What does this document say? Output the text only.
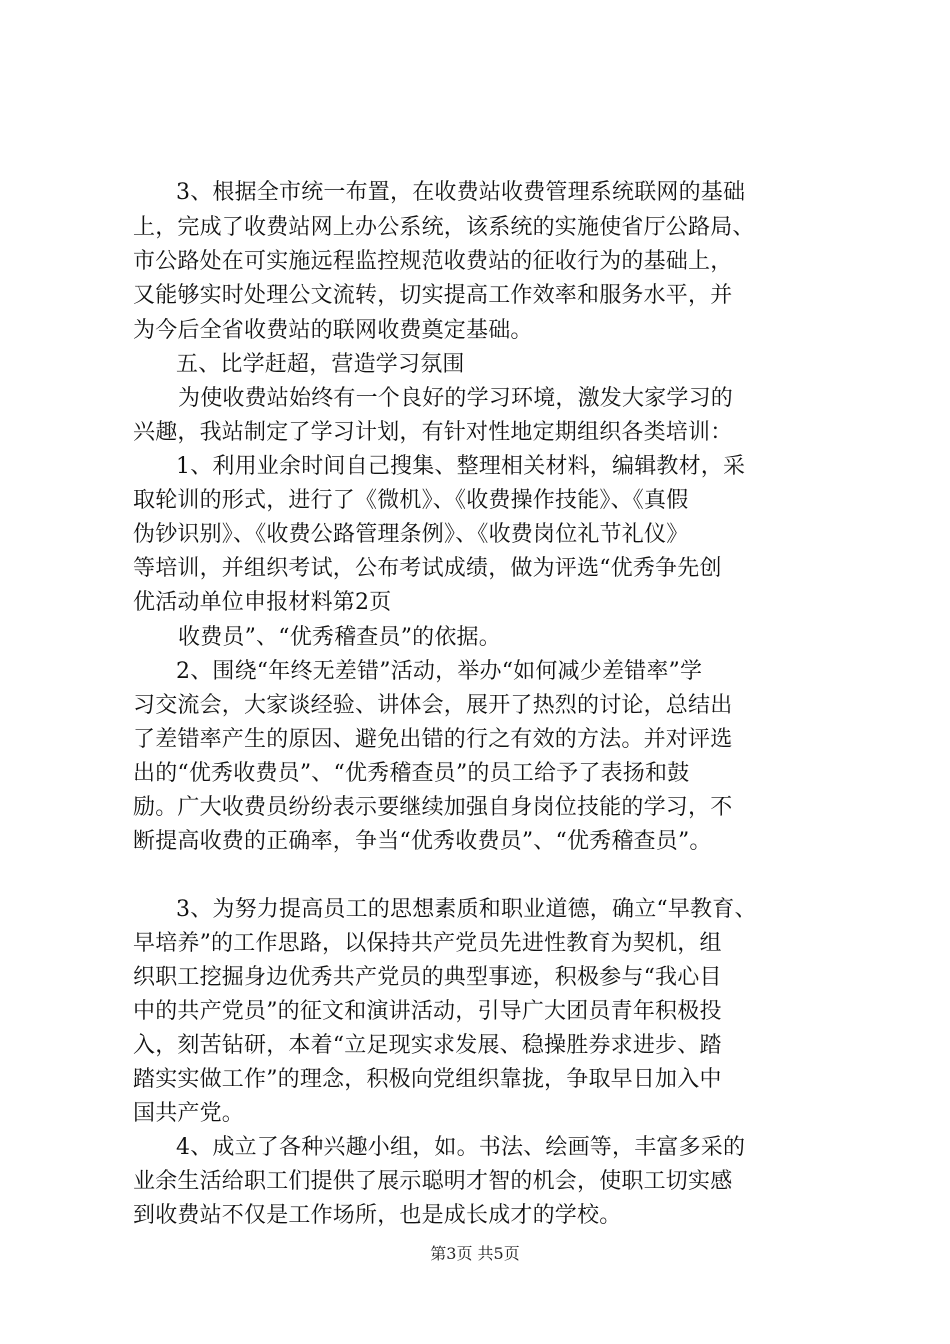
3、根据全市统一布置，在收费站收费管理系统联网的基础
上，完成了收费站网上办公系统，该系统的实施使省厅公路局、
市公路处在可实施远程监控规范收费站的征收行为的基础上，
又能够实时处理公文流转，切实提高工作效率和服务水平，并
为今后全省收费站的联网收费奠定基础。
五、比学赶超，营造学习氛围
为使收费站始终有一个良好的学习环境，激发大家学习的
兴趣，我站制定了学习计划，有针对性地定期组织各类培训：
1、利用业余时间自己搜集、整理相关材料，编辑教材，采
取轮训的形式，进行了《微机》、《收费操作技能》、《真假
伪钞识别》、《收费公路管理条例》、《收费岗位礼节礼仪》
等培训，并组织考试，公布考试成绩，做为评选“优秀争先创
优活动单位申报材料第2页
收费员”、“优秀稽查员”的依据。
2、围绕“年终无差错”活动，举办“如何减少差错率”学
习交流会，大家谈经验、讲体会，展开了热烈的讨论，总结出
了差错率产生的原因、避免出错的行之有效的方法。并对评选
出的“优秀收费员”、“优秀稽查员”的员工给予了表扬和鼓
励。广大收费员纷纷表示要继续加强自身岗位技能的学习，不
断提高收费的正确率，争当“优秀收费员”、“优秀稽查员”。
3、为努力提高员工的思想素质和职业道德，确立“早教育、
早培养”的工作思路，以保持共产党员先进性教育为契机，组
织职工挖掘身边优秀共产党员的典型事迹，积极参与“我心目
中的共产党员”的征文和演讲活动，引导广大团员青年积极投
入，刻苦钻研，本着“立足现实求发展、稳操胜券求进步、踏
踏实实做工作”的理念，积极向党组织靠拢，争取早日加入中
国共产党。
4、成立了各种兴趣小组，如。书法、绘画等，丰富多采的
业余生活给职工们提供了展示聪明才智的机会，使职工切实感
到收费站不仅是工作场所，也是成长成才的学校。
第3页 共5页
